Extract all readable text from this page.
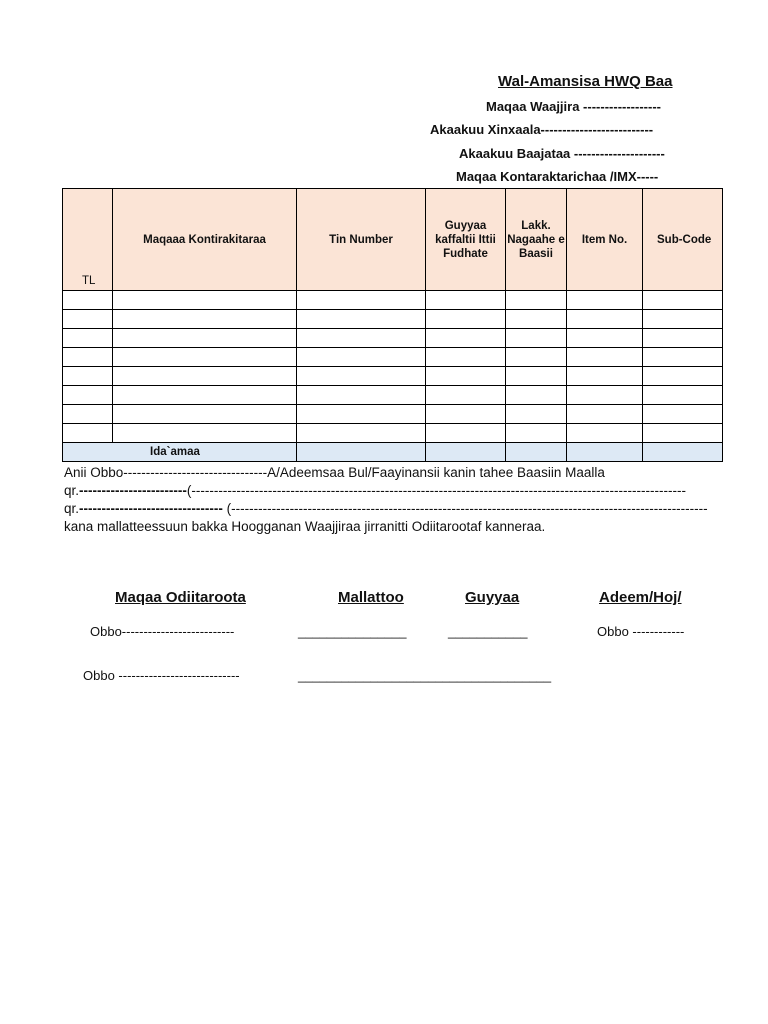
Wal-Amansisa HWQ Baa
Maqaa Waajjira ------------------
Akaakuu Xinxaala--------------------------
Akaakuu Baajataa ---------------------
Maqaa Kontaraktarichaa /IMX-----
TL	Maqaaa Kontirakitaraa	Tin Number	Guyyaa kaffaltii Ittii Fudhate	Lakk. Nagaahe e Baasii	Item No.	Sub-Code

Ida`amaa						
Anii Obbo--------------------------------A/Adeemsaa Bul/Faayinansii kanin tahee Baasiin Maalla
qr.------------------------(--------------------------------------------------------------------------------------------------------------
qr.-------------------------------- (----------------------------------------------------------------------------------------------------------
kana mallatteessuun bakka Hoogganan Waajjiraa jirranitti Odiitarootaf kanneraa.
Maqaa Odiitaroota	Mallattoo	Guyyaa	Adeem/Hoj/
Obbo--------------------------	_______________	___________	Obbo ------------
Obbo ----------------------------	___________________________________
